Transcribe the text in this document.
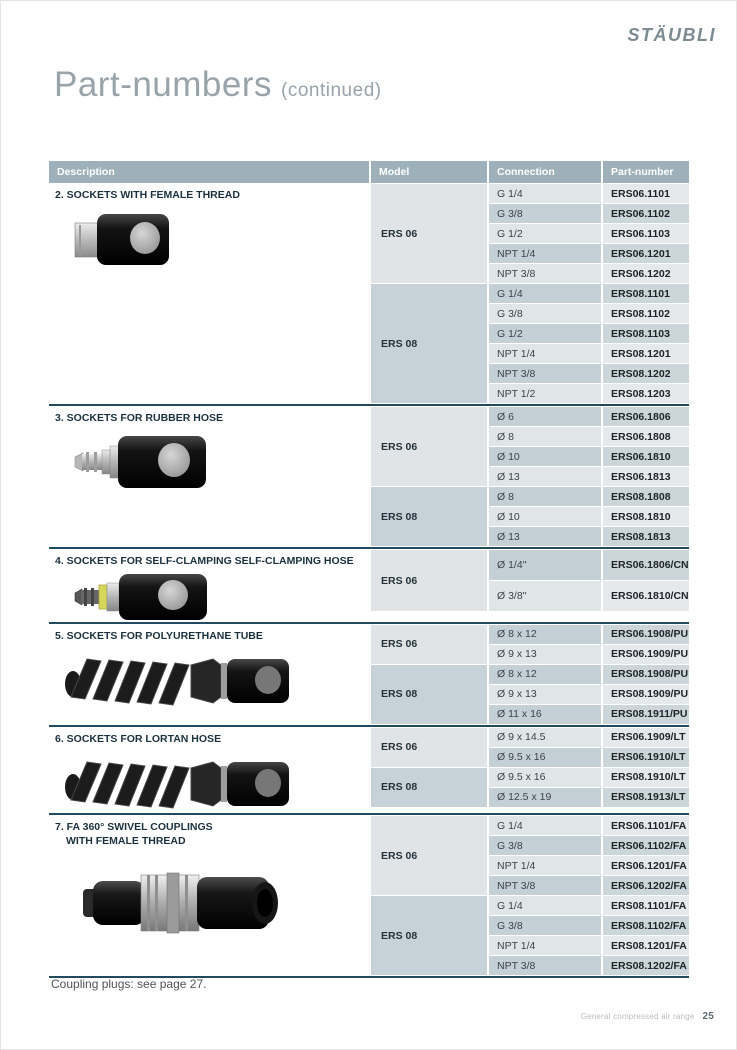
STÄUBLI
Part-numbers (continued)
Description	Model	Connection	Part-number
2. SOCKETS WITH FEMALE THREAD
ERS 06
G 1/4	ERS06.1101
G 3/8	ERS06.1102
G 1/2	ERS06.1103
NPT 1/4	ERS06.1201
NPT 3/8	ERS06.1202
ERS 08
G 1/4	ERS08.1101
G 3/8	ERS08.1102
G 1/2	ERS08.1103
NPT 1/4	ERS08.1201
NPT 3/8	ERS08.1202
NPT 1/2	ERS08.1203
3. SOCKETS FOR RUBBER HOSE
ERS 06
Ø 6	ERS06.1806
Ø 8	ERS06.1808
Ø 10	ERS06.1810
Ø 13	ERS06.1813
ERS 08
Ø 8	ERS08.1808
Ø 10	ERS08.1810
Ø 13	ERS08.1813
4. SOCKETS FOR SELF-CLAMPING SELF-CLAMPING HOSE
ERS 06
Ø 1/4''	ERS06.1806/CN
Ø 3/8''	ERS06.1810/CN
5. SOCKETS FOR POLYURETHANE TUBE
ERS 06
Ø 8 x 12	ERS06.1908/PU
Ø 9 x 13	ERS06.1909/PU
ERS 08
Ø 8 x 12	ERS08.1908/PU
Ø 9 x 13	ERS08.1909/PU
Ø 11 x 16	ERS08.1911/PU
6. SOCKETS FOR LORTAN HOSE
ERS 06
Ø 9 x 14.5	ERS06.1909/LT
Ø 9.5 x 16	ERS06.1910/LT
ERS 08
Ø 9.5 x 16	ERS08.1910/LT
Ø 12.5 x 19	ERS08.1913/LT
7. FA 360° SWIVEL COUPLINGS
WITH FEMALE THREAD
ERS 06
G 1/4	ERS06.1101/FA
G 3/8	ERS06.1102/FA
NPT 1/4	ERS06.1201/FA
NPT 3/8	ERS06.1202/FA
ERS 08
G 1/4	ERS08.1101/FA
G 3/8	ERS08.1102/FA
NPT 1/4	ERS08.1201/FA
NPT 3/8	ERS08.1202/FA
Coupling plugs: see page 27.
General compressed air range 25
